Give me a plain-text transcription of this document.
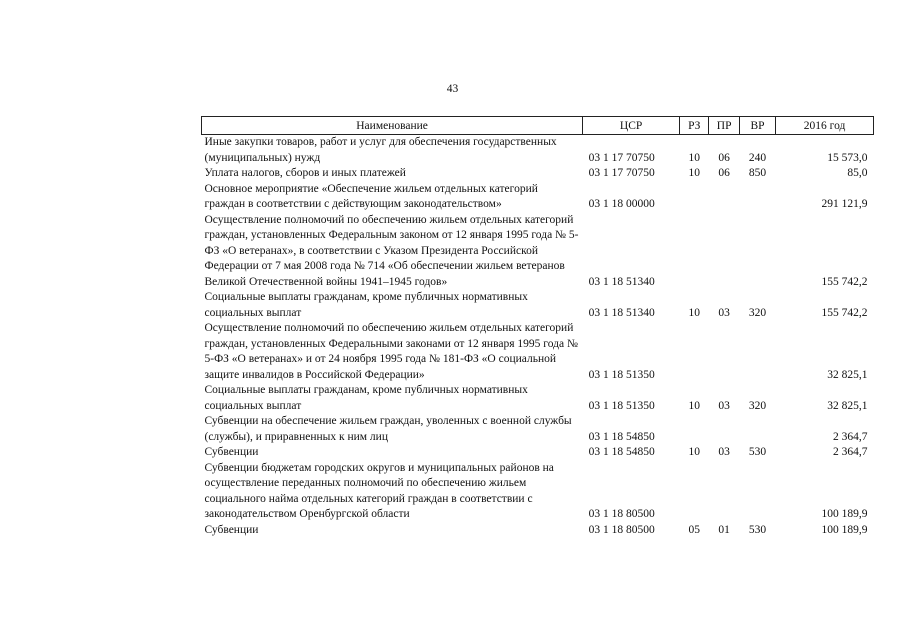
43
Наименование	ЦСР	РЗ	ПР	ВР	2016 год
Иные закупки товаров, работ и услуг для обеспечения государственных (муниципальных) нужд	03 1 17 70750	10	06	240	15 573,0
Уплата налогов, сборов и иных платежей	03 1 17 70750	10	06	850	85,0
Основное мероприятие «Обеспечение жильем отдельных категорий граждан в соответствии с действующим законодательством»	03 1 18 00000				291 121,9
Осуществление полномочий по обеспечению жильем отдельных категорий граждан, установленных Федеральным законом от 12 января 1995 года № 5-ФЗ «О ветеранах», в соответствии с Указом Президента Российской Федерации от 7 мая 2008 года № 714 «Об обеспечении жильем ветеранов Великой Отечественной войны 1941–1945 годов»	03 1 18 51340				155 742,2
Социальные выплаты гражданам, кроме публичных нормативных социальных выплат	03 1 18 51340	10	03	320	155 742,2
Осуществление полномочий по обеспечению жильем отдельных категорий граждан, установленных Федеральными законами от 12 января 1995 года № 5-ФЗ «О ветеранах» и от 24 ноября 1995 года № 181-ФЗ «О социальной защите инвалидов в Российской Федерации»	03 1 18 51350				32 825,1
Социальные выплаты гражданам, кроме публичных нормативных социальных выплат	03 1 18 51350	10	03	320	32 825,1
Субвенции на обеспечение жильем граждан, уволенных с военной службы (службы), и приравненных к ним лиц	03 1 18 54850				2 364,7
Субвенции	03 1 18 54850	10	03	530	2 364,7
Субвенции бюджетам городских округов и муниципальных районов на осуществление переданных полномочий по обеспечению жильем социального найма отдельных категорий граждан в соответствии с законодательством Оренбургской области	03 1 18 80500				100 189,9
Субвенции	03 1 18 80500	05	01	530	100 189,9
